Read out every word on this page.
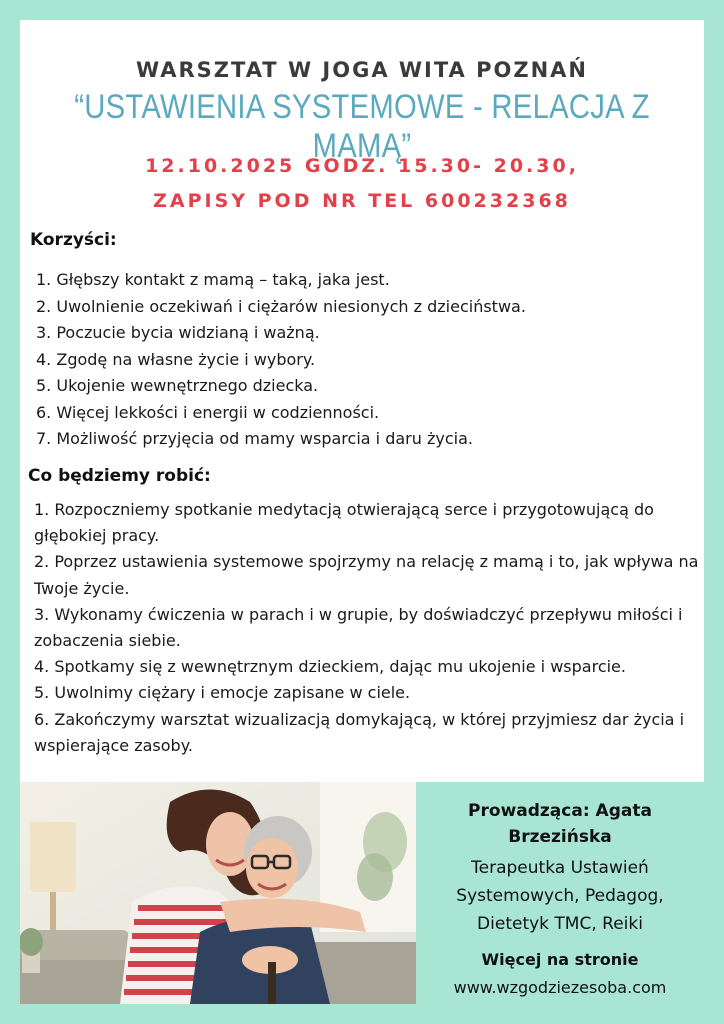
WARSZTAT W JOGA WITA POZNAŃ
“USTAWIENIA SYSTEMOWE - RELACJA Z MAMĄ”
12.10.2025 GODZ. 15.30- 20.30,
ZAPISY POD NR TEL 600232368
Korzyści:
1. Głębszy kontakt z mamą – taką, jaka jest.
2. Uwolnienie oczekiwań i ciężarów niesionych z dzieciństwa.
3. Poczucie bycia widzianą i ważną.
4. Zgodę na własne życie i wybory.
5. Ukojenie wewnętrznego dziecka.
6. Więcej lekkości i energii w codzienności.
7. Możliwość przyjęcia od mamy wsparcia i daru życia.
Co będziemy robić:
1. Rozpoczniemy spotkanie medytacją otwierającą serce i przygotowującą do głębokiej pracy.
2. Poprzez ustawienia systemowe spojrzymy na relację z mamą i to, jak wpływa na Twoje życie.
3. Wykonamy ćwiczenia w parach i w grupie, by doświadczyć przepływu miłości i zobaczenia siebie.
4. Spotkamy się z wewnętrznym dzieckiem, dając mu ukojenie i wsparcie.
5. Uwolnimy ciężary i emocje zapisane w ciele.
6. Zakończymy warsztat wizualizacją domykającą, w której przyjmiesz dar życia i wspierające zasoby.
Prowadząca: Agata
Brzezińska
Terapeutka Ustawień
Systemowych, Pedagog,
Dietetyk TMC, Reiki
Więcej na stronie
www.wzgodziezesoba.com
